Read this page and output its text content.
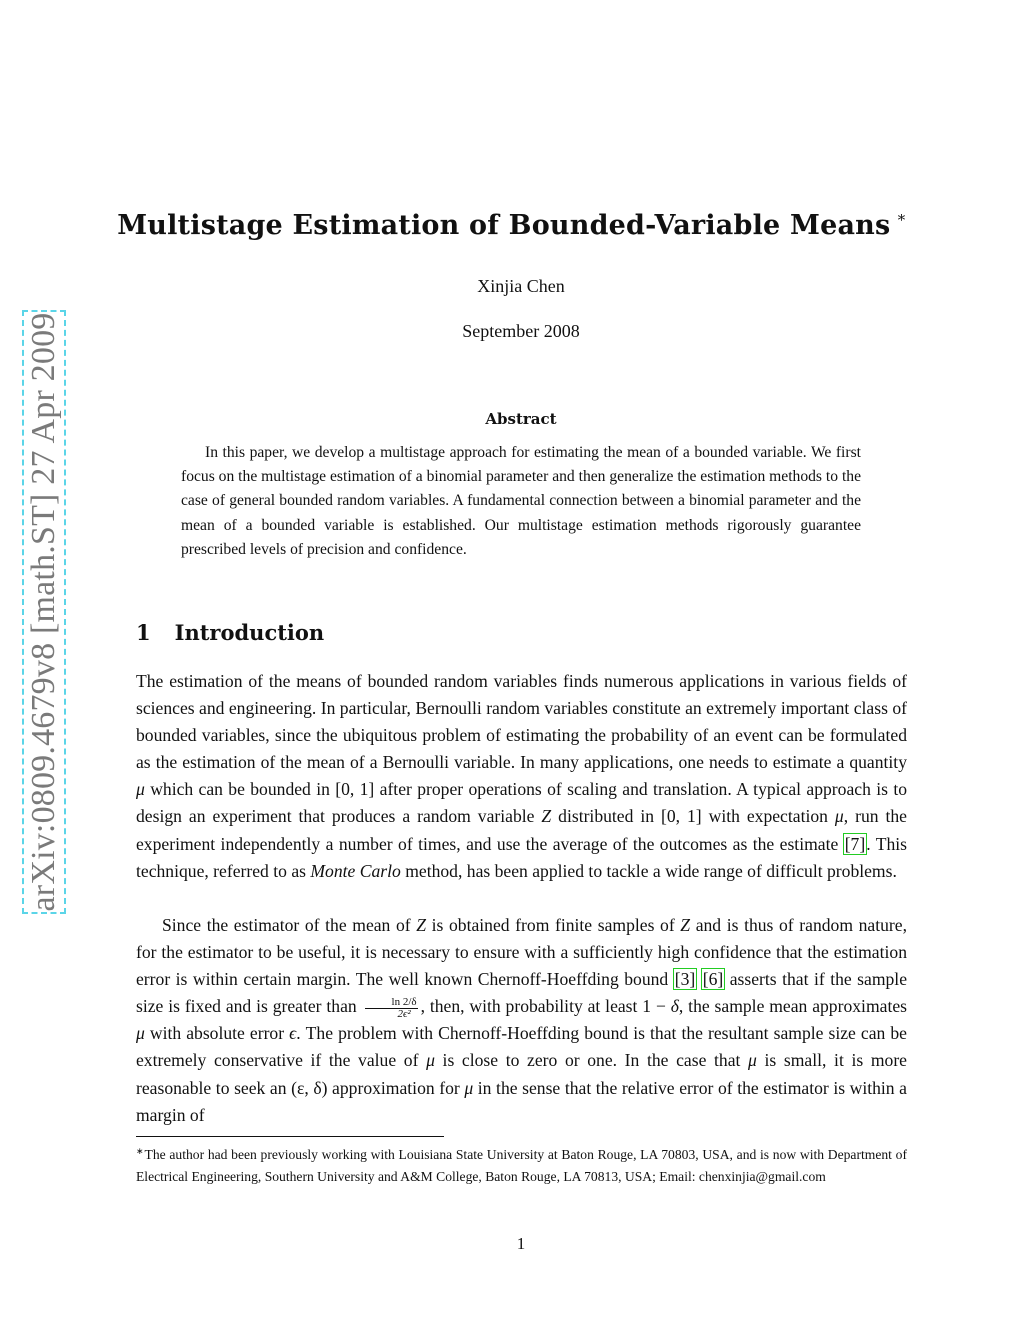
arXiv:0809.4679v8 [math.ST] 27 Apr 2009
Multistage Estimation of Bounded-Variable Means ∗
Xinjia Chen
September 2008
Abstract
In this paper, we develop a multistage approach for estimating the mean of a bounded variable. We first focus on the multistage estimation of a binomial parameter and then generalize the estimation methods to the case of general bounded random variables. A fundamental connection between a binomial parameter and the mean of a bounded variable is established. Our multistage estimation methods rigorously guarantee prescribed levels of precision and confidence.
1 Introduction
The estimation of the means of bounded random variables finds numerous applications in various fields of sciences and engineering. In particular, Bernoulli random variables constitute an extremely important class of bounded variables, since the ubiquitous problem of estimating the probability of an event can be formulated as the estimation of the mean of a Bernoulli variable. In many applications, one needs to estimate a quantity μ which can be bounded in [0, 1] after proper operations of scaling and translation. A typical approach is to design an experiment that produces a random variable Z distributed in [0, 1] with expectation μ, run the experiment independently a number of times, and use the average of the outcomes as the estimate [7]. This technique, referred to as Monte Carlo method, has been applied to tackle a wide range of difficult problems.
Since the estimator of the mean of Z is obtained from finite samples of Z and is thus of random nature, for the estimator to be useful, it is necessary to ensure with a sufficiently high confidence that the estimation error is within certain margin. The well known Chernoff-Hoeffding bound [3] [6] asserts that if the sample size is fixed and is greater than $\frac{\ln 2/\delta}{\text{2ϵ²}}$ , then, with probability at least 1 − δ, the sample mean approximates μ with absolute error ϵ. The problem with Chernoff-Hoeffding bound is that the resultant sample size can be extremely conservative if the value of μ is close to zero or one. In the case that μ is small, it is more reasonable to seek an (ε, δ) approximation for μ in the sense that the relative error of the estimator is within a margin of
∗The author had been previously working with Louisiana State University at Baton Rouge, LA 70803, USA, and is now with Department of Electrical Engineering, Southern University and A&M College, Baton Rouge, LA 70813, USA; Email: chenxinjia@gmail.com
1
